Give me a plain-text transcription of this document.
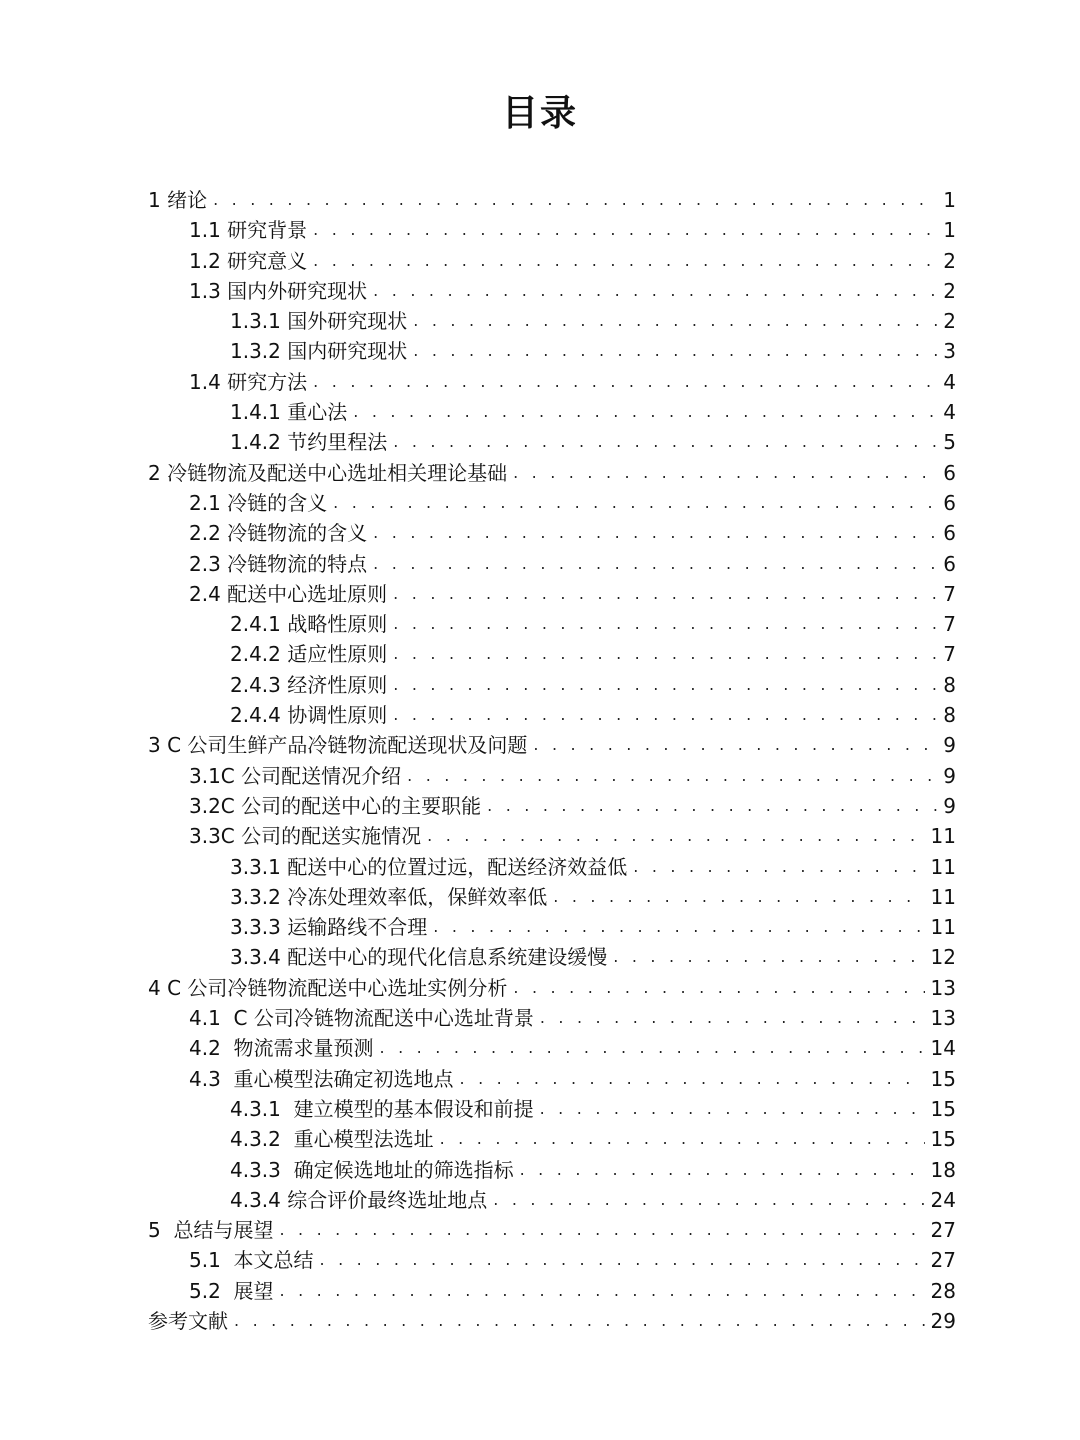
目录
1 绪论 . . .	1
1.1 研究背景 . . .	1
1.2 研究意义 . . .	2
1.3 国内外研究现状 . . .	2
1.3.1 国外研究现状 . . .	2
1.3.2 国内研究现状 . . .	3
1.4 研究方法 . . .	4
1.4.1 重心法 . . .	4
1.4.2 节约里程法 . . .	5
2 冷链物流及配送中心选址相关理论基础 . . .	6
2.1 冷链的含义 . . .	6
2.2 冷链物流的含义 . . .	6
2.3 冷链物流的特点 . . .	6
2.4 配送中心选址原则 . . .	7
2.4.1 战略性原则 . . .	7
2.4.2 适应性原则 . . .	7
2.4.3 经济性原则 . . .	8
2.4.4 协调性原则 . . .	8
3 C 公司生鲜产品冷链物流配送现状及问题 . . .	9
3.1C 公司配送情况介绍 . . .	9
3.2C 公司的配送中心的主要职能 . . .	9
3.3C 公司的配送实施情况 . . .	11
3.3.1 配送中心的位置过远，配送经济效益低 . . .	11
3.3.2 冷冻处理效率低，保鲜效率低 . . .	11
3.3.3 运输路线不合理 . . .	11
3.3.4 配送中心的现代化信息系统建设缓慢 . . .	12
4 C 公司冷链物流配送中心选址实例分析 . . .	13
4.1  C 公司冷链物流配送中心选址背景 . . .	13
4.2  物流需求量预测 . . .	14
4.3  重心模型法确定初选地点 . . .	15
4.3.1  建立模型的基本假设和前提 . . .	15
4.3.2  重心模型法选址 . . .	15
4.3.3  确定候选地址的筛选指标 . . .	18
4.3.4 综合评价最终选址地点 . . .	24
5  总结与展望 . . .	27
5.1  本文总结 . . .	27
5.2  展望 . . .	28
参考文献 . . .	29
